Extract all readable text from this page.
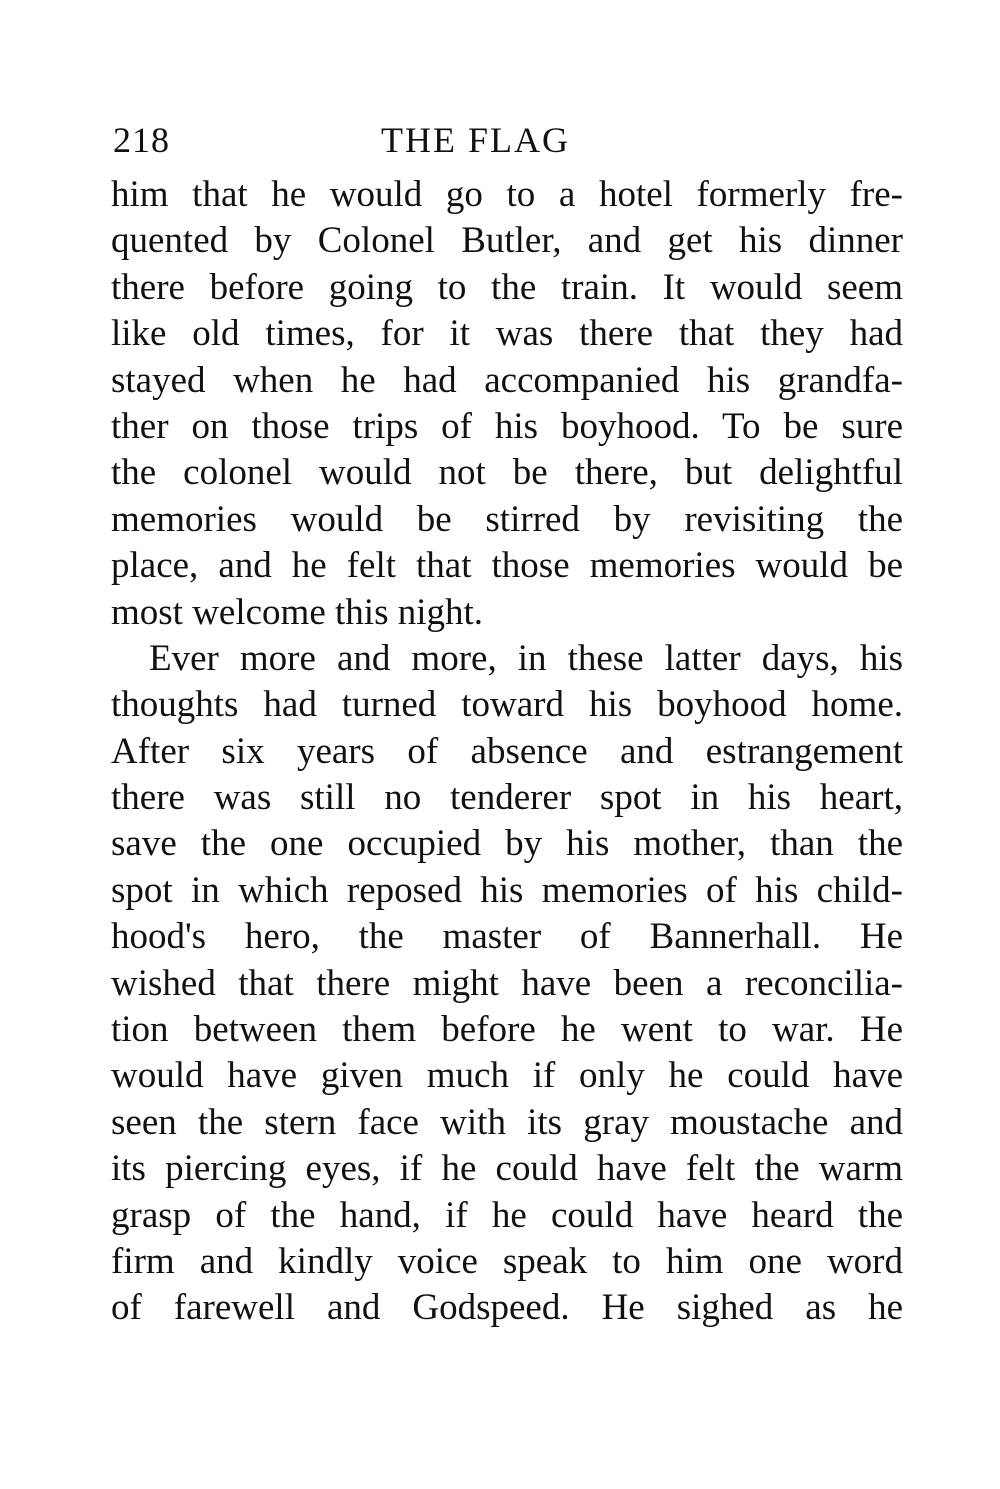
218	THE FLAG
him that he would go to a hotel formerly fre-
quented by Colonel Butler, and get his dinner
there before going to the train. It would seem
like old times, for it was there that they had
stayed when he had accompanied his grandfa-
ther on those trips of his boyhood. To be sure
the colonel would not be there, but delightful
memories would be stirred by revisiting the
place, and he felt that those memories would be
most welcome this night.
Ever more and more, in these latter days, his
thoughts had turned toward his boyhood home.
After six years of absence and estrangement
there was still no tenderer spot in his heart,
save the one occupied by his mother, than the
spot in which reposed his memories of his child-
hood's hero, the master of Bannerhall. He
wished that there might have been a reconcilia-
tion between them before he went to war. He
would have given much if only he could have
seen the stern face with its gray moustache and
its piercing eyes, if he could have felt the warm
grasp of the hand, if he could have heard the
firm and kindly voice speak to him one word
of farewell and Godspeed. He sighed as he
